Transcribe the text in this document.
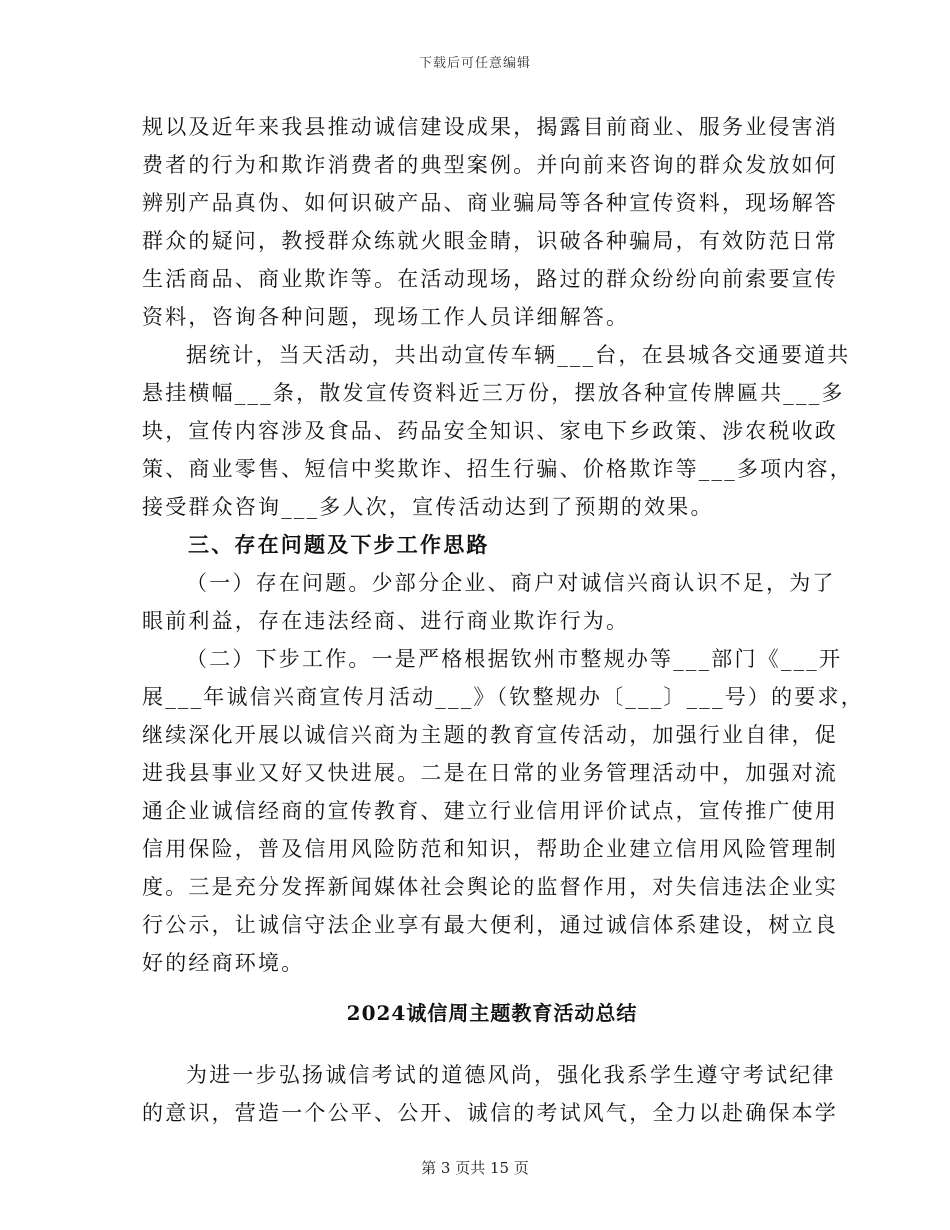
下载后可任意编辑
规以及近年来我县推动诚信建设成果，揭露目前商业、服务业侵害消
费者的行为和欺诈消费者的典型案例。并向前来咨询的群众发放如何
辨别产品真伪、如何识破产品、商业骗局等各种宣传资料，现场解答
群众的疑问，教授群众练就火眼金睛，识破各种骗局，有效防范日常
生活商品、商业欺诈等。在活动现场，路过的群众纷纷向前索要宣传
资料，咨询各种问题，现场工作人员详细解答。
据统计，当天活动，共出动宣传车辆___台，在县城各交通要道共
悬挂横幅___条，散发宣传资料近三万份，摆放各种宣传牌匾共___多
块，宣传内容涉及食品、药品安全知识、家电下乡政策、涉农税收政
策、商业零售、短信中奖欺诈、招生行骗、价格欺诈等___多项内容，
接受群众咨询___多人次，宣传活动达到了预期的效果。
三、存在问题及下步工作思路
（一）存在问题。少部分企业、商户对诚信兴商认识不足，为了
眼前利益，存在违法经商、进行商业欺诈行为。
（二）下步工作。一是严格根据钦州市整规办等___部门《___开
展___年诚信兴商宣传月活动___》（钦整规办〔___〕___号）的要求，
继续深化开展以诚信兴商为主题的教育宣传活动，加强行业自律，促
进我县事业又好又快进展。二是在日常的业务管理活动中，加强对流
通企业诚信经商的宣传教育、建立行业信用评价试点，宣传推广使用
信用保险，普及信用风险防范和知识，帮助企业建立信用风险管理制
度。三是充分发挥新闻媒体社会舆论的监督作用，对失信违法企业实
行公示，让诚信守法企业享有最大便利，通过诚信体系建设，树立良
好的经商环境。
2024诚信周主题教育活动总结
为进一步弘扬诚信考试的道德风尚，强化我系学生遵守考试纪律
的意识，营造一个公平、公开、诚信的考试风气，全力以赴确保本学
第 3 页共 15 页
